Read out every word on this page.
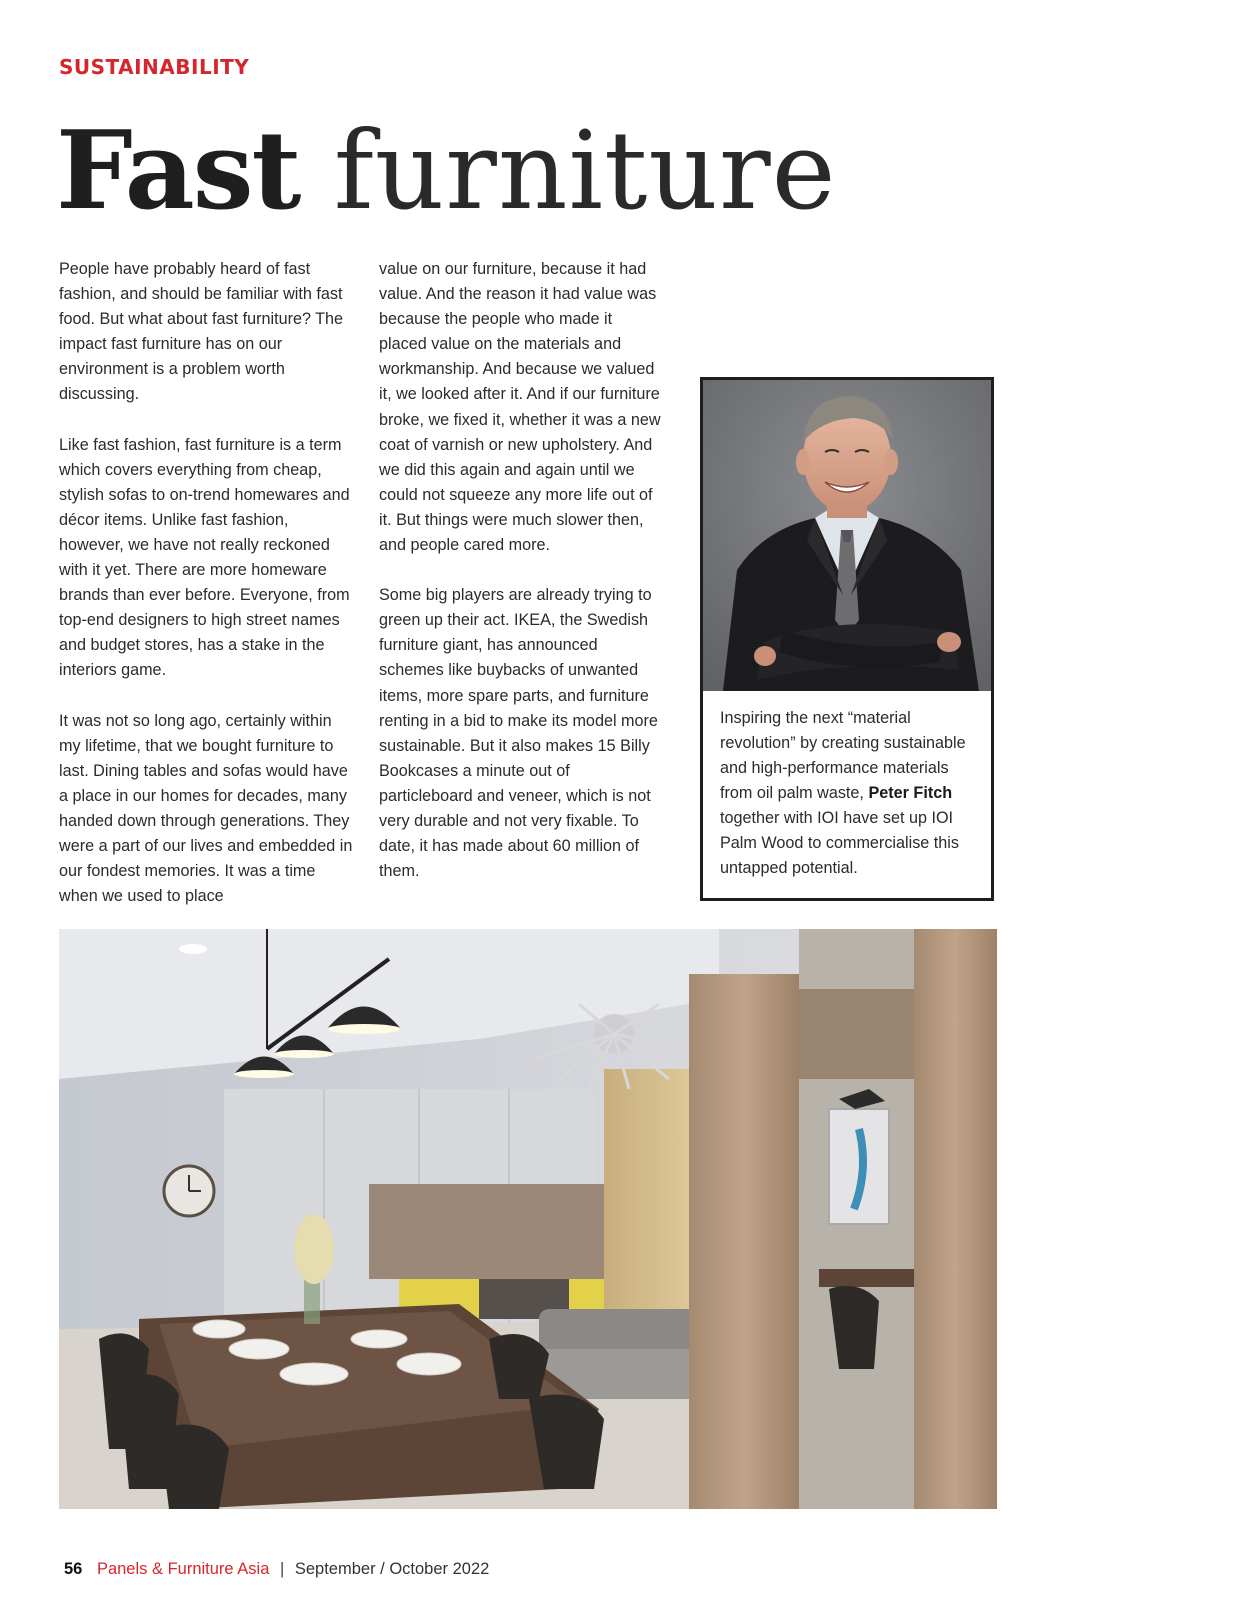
SUSTAINABILITY
Fast furniture

People have probably heard of fast fashion, and should be familiar with fast food. But what about fast furniture? The impact fast furniture has on our environment is a problem worth discussing.

Like fast fashion, fast furniture is a term which covers everything from cheap, stylish sofas to on-trend homewares and décor items. Unlike fast fashion, however, we have not really reckoned with it yet. There are more homeware brands than ever before. Everyone, from top-end designers to high street names and budget stores, has a stake in the interiors game.

It was not so long ago, certainly within my lifetime, that we bought furniture to last. Dining tables and sofas would have a place in our homes for decades, many handed down through generations. They were a part of our lives and embedded in our fondest memories. It was a time when we used to place

value on our furniture, because it had value. And the reason it had value was because the people who made it placed value on the materials and workmanship. And because we valued it, we looked after it. And if our furniture broke, we fixed it, whether it was a new coat of varnish or new upholstery. And we did this again and again until we could not squeeze any more life out of it. But things were much slower then, and people cared more.

Some big players are already trying to green up their act. IKEA, the Swedish furniture giant, has announced schemes like buybacks of unwanted items, more spare parts, and furniture renting in a bid to make its model more sustainable. But it also makes 15 Billy Bookcases a minute out of particleboard and veneer, which is not very durable and not very fixable. To date, it has made about 60 million of them.

Inspiring the next “material revolution” by creating sustainable and high-performance materials from oil palm waste, Peter Fitch together with IOI have set up IOI Palm Wood to commercialise this untapped potential.
56 Panels & Furniture Asia | September / October 2022
